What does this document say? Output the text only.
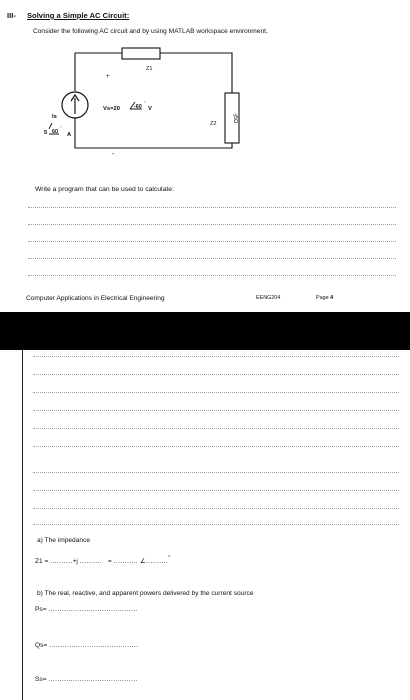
III- Solving a Simple AC Circuit:
Consider the following AC circuit and by using MATLAB workspace environment,
Z1
Z2
-j5Ω
+
-
Is
5 60
°
A
Vs=20	-60
°
V
Write a program that can be used to calculate:
Computer Applications in Electrical Engineering	EENG204	Page 4
a) The impedance
Z1 = ..........+j .......... = ........... ∠..........°
b) The real, reactive, and apparent powers delivered by the current source
Ps= ........................................
Qs= ........................................
Ss= ........................................
